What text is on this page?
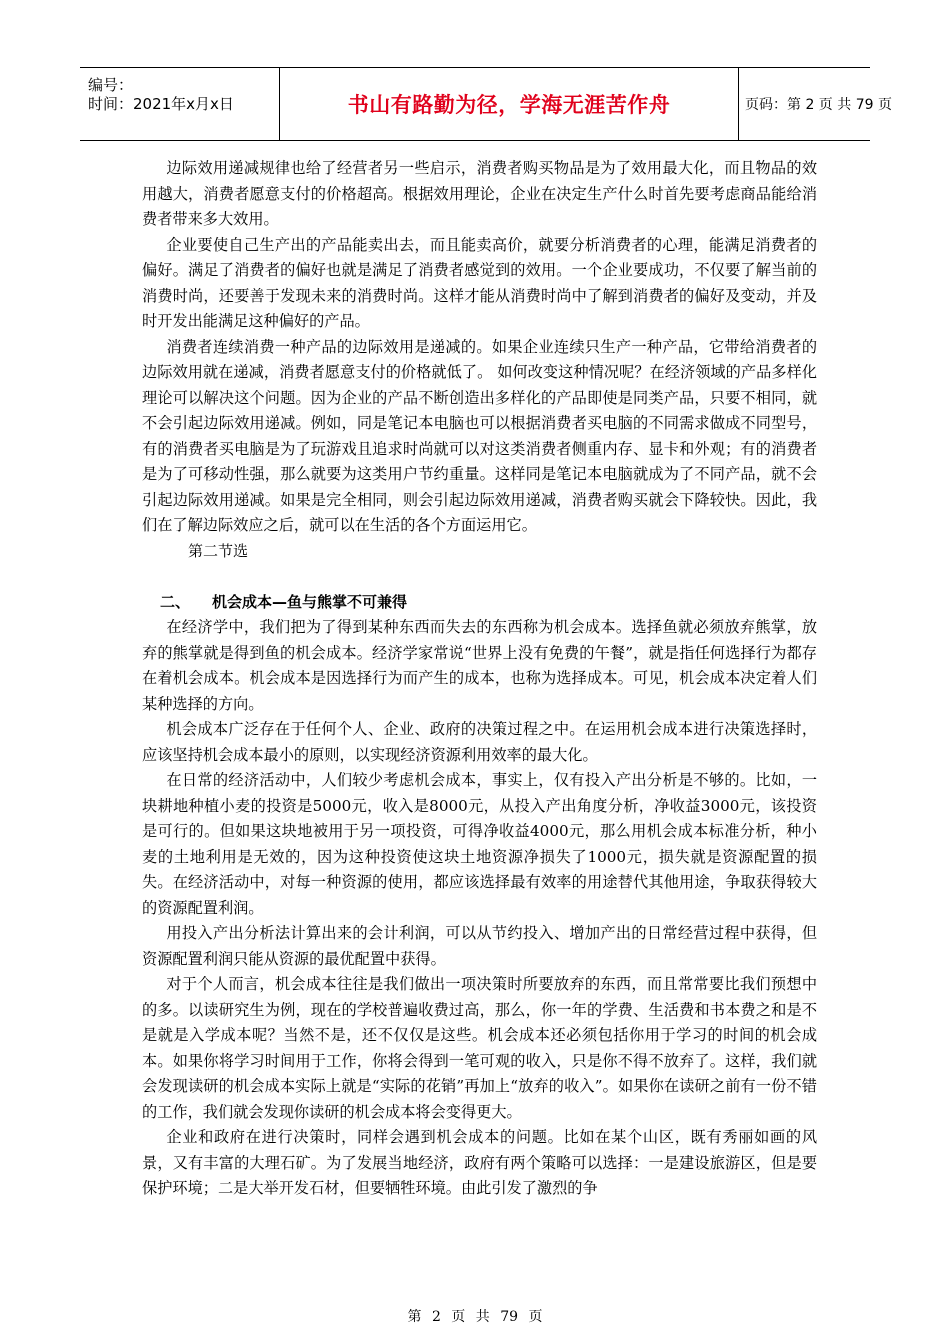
编号：
时间：2021年x月x日	书山有路勤为径，学海无涯苦作舟	页码：第 2 页 共 79 页

边际效用递减规律也给了经营者另一些启示，消费者购买物品是为了效用最大化，而且物品的效用越大，消费者愿意支付的价格超高。根据效用理论，企业在决定生产什么时首先要考虑商品能给消费者带来多大效用。

企业要使自己生产出的产品能卖出去，而且能卖高价，就要分析消费者的心理，能满足消费者的偏好。满足了消费者的偏好也就是满足了消费者感觉到的效用。一个企业要成功，不仅要了解当前的消费时尚，还要善于发现未来的消费时尚。这样才能从消费时尚中了解到消费者的偏好及变动，并及时开发出能满足这种偏好的产品。

消费者连续消费一种产品的边际效用是递减的。如果企业连续只生产一种产品，它带给消费者的边际效用就在递减，消费者愿意支付的价格就低了。 如何改变这种情况呢？在经济领域的产品多样化理论可以解决这个问题。因为企业的产品不断创造出多样化的产品即使是同类产品，只要不相同，就不会引起边际效用递减。例如，同是笔记本电脑也可以根据消费者买电脑的不同需求做成不同型号，有的消费者买电脑是为了玩游戏且追求时尚就可以对这类消费者侧重内存、显卡和外观；有的消费者是为了可移动性强，那么就要为这类用户节约重量。这样同是笔记本电脑就成为了不同产品，就不会引起边际效用递减。如果是完全相同，则会引起边际效用递减，消费者购买就会下降较快。因此，我们在了解边际效应之后，就可以在生活的各个方面运用它。

第二节选

二、 机会成本—鱼与熊掌不可兼得

在经济学中，我们把为了得到某种东西而失去的东西称为机会成本。选择鱼就必须放弃熊掌，放弃的熊掌就是得到鱼的机会成本。经济学家常说“世界上没有免费的午餐”，就是指任何选择行为都存在着机会成本。机会成本是因选择行为而产生的成本，也称为选择成本。可见，机会成本决定着人们某种选择的方向。

机会成本广泛存在于任何个人、企业、政府的决策过程之中。在运用机会成本进行决策选择时，应该坚持机会成本最小的原则，以实现经济资源利用效率的最大化。

在日常的经济活动中，人们较少考虑机会成本，事实上，仅有投入产出分析是不够的。比如，一块耕地种植小麦的投资是5000元，收入是8000元，从投入产出角度分析，净收益3000元，该投资是可行的。但如果这块地被用于另一项投资，可得净收益4000元，那么用机会成本标准分析，种小麦的土地利用是无效的，因为这种投资使这块土地资源净损失了1000元，损失就是资源配置的损失。在经济活动中，对每一种资源的使用，都应该选择最有效率的用途替代其他用途，争取获得较大的资源配置利润。

用投入产出分析法计算出来的会计利润，可以从节约投入、增加产出的日常经营过程中获得，但资源配置利润只能从资源的最优配置中获得。

对于个人而言，机会成本往往是我们做出一项决策时所要放弃的东西，而且常常要比我们预想中的多。以读研究生为例，现在的学校普遍收费过高，那么，你一年的学费、生活费和书本费之和是不是就是入学成本呢？当然不是，还不仅仅是这些。机会成本还必须包括你用于学习的时间的机会成本。如果你将学习时间用于工作，你将会得到一笔可观的收入，只是你不得不放弃了。这样，我们就会发现读研的机会成本实际上就是“实际的花销”再加上“放弃的收入”。如果你在读研之前有一份不错的工作，我们就会发现你读研的机会成本将会变得更大。

企业和政府在进行决策时，同样会遇到机会成本的问题。比如在某个山区，既有秀丽如画的风景，又有丰富的大理石矿。为了发展当地经济，政府有两个策略可以选择：一是建设旅游区，但是要保护环境；二是大举开发石材，但要牺牲环境。由此引发了激烈的争

第 2 页 共 79 页
